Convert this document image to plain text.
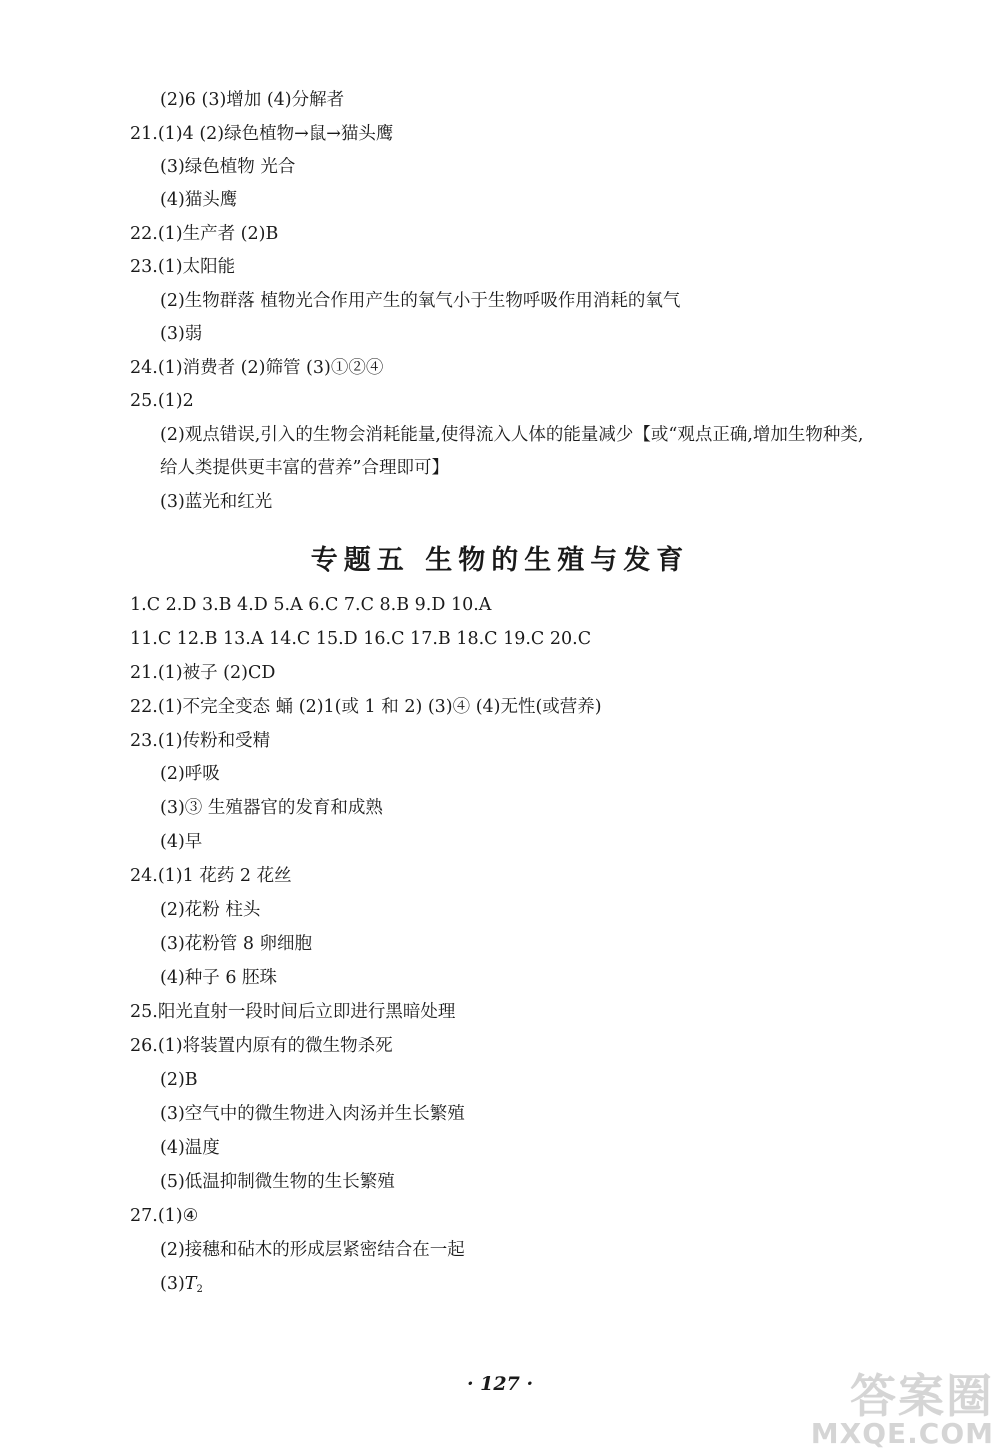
(2)6 (3)增加 (4)分解者
21.(1)4 (2)绿色植物→鼠→猫头鹰
(3)绿色植物 光合
(4)猫头鹰
22.(1)生产者 (2)B
23.(1)太阳能
(2)生物群落 植物光合作用产生的氧气小于生物呼吸作用消耗的氧气
(3)弱
24.(1)消费者 (2)筛管 (3)①②④
25.(1)2
(2)观点错误,引入的生物会消耗能量,使得流入人体的能量减少【或“观点正确,增加生物种类,
给人类提供更丰富的营养”合理即可】
(3)蓝光和红光
专题五 生物的生殖与发育
1.C 2.D 3.B 4.D 5.A 6.C 7.C 8.B 9.D 10.A
11.C 12.B 13.A 14.C 15.D 16.C 17.B 18.C 19.C 20.C
21.(1)被子 (2)CD
22.(1)不完全变态 蛹 (2)1(或 1 和 2) (3)④ (4)无性(或营养)
23.(1)传粉和受精
(2)呼吸
(3)③ 生殖器官的发育和成熟
(4)早
24.(1)1 花药 2 花丝
(2)花粉 柱头
(3)花粉管 8 卵细胞
(4)种子 6 胚珠
25.阳光直射一段时间后立即进行黑暗处理
26.(1)将装置内原有的微生物杀死
(2)B
(3)空气中的微生物进入肉汤并生长繁殖
(4)温度
(5)低温抑制微生物的生长繁殖
27.(1)④
(2)接穗和砧木的形成层紧密结合在一起
$(3)T_2$
· 127 ·	答案圈
MXQE.COM
